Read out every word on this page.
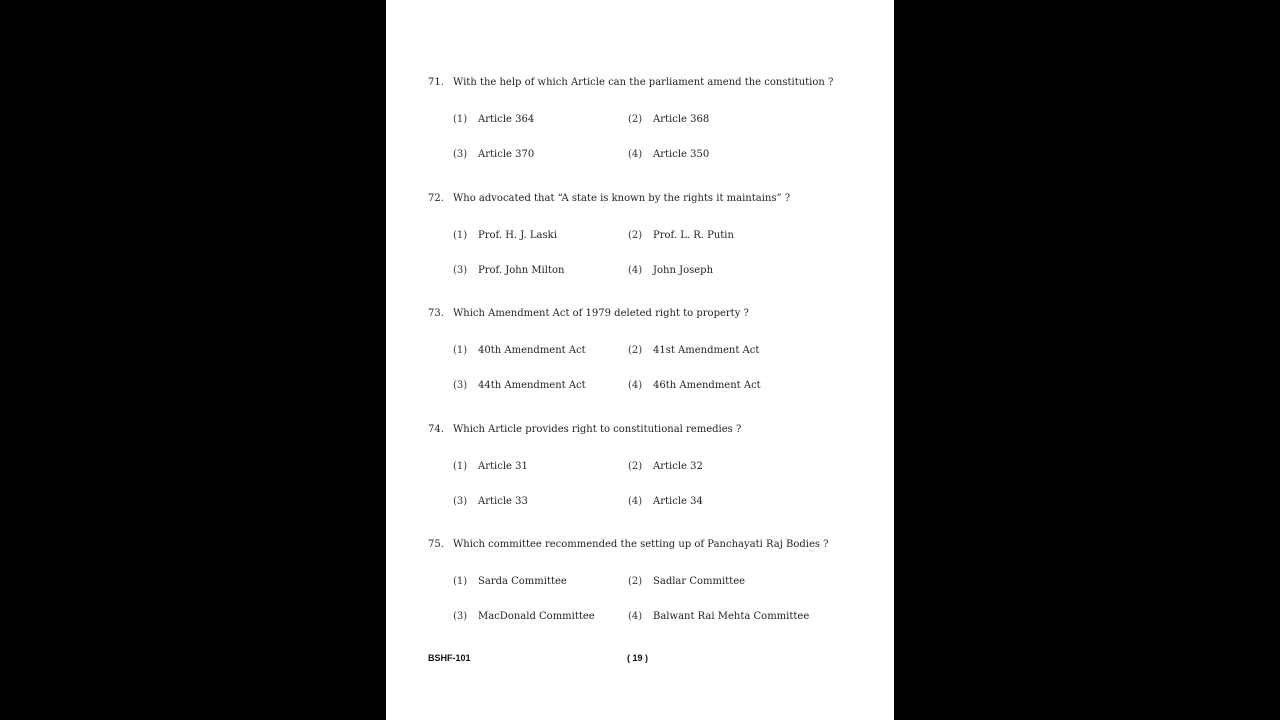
BSHF-101	( 19 )
71. With the help of which Article can the parliament amend the constitution ?
(1) Article 364	(2) Article 368
(3) Article 370	(4) Article 350
72. Who advocated that “A state is known by the rights it maintains” ?
(1) Prof. H. J. Laski	(2) Prof. L. R. Putin
(3) Prof. John Milton	(4) John Joseph
73. Which Amendment Act of 1979 deleted right to property ?
(1) 40th Amendment Act	(2) 41st Amendment Act
(3) 44th Amendment Act	(4) 46th Amendment Act
74. Which Article provides right to constitutional remedies ?
(1) Article 31	(2) Article 32
(3) Article 33	(4) Article 34
75. Which committee recommended the setting up of Panchayati Raj Bodies ?
(1) Sarda Committee	(2) Sadlar Committee
(3) MacDonald Committee	(4) Balwant Rai Mehta Committee
